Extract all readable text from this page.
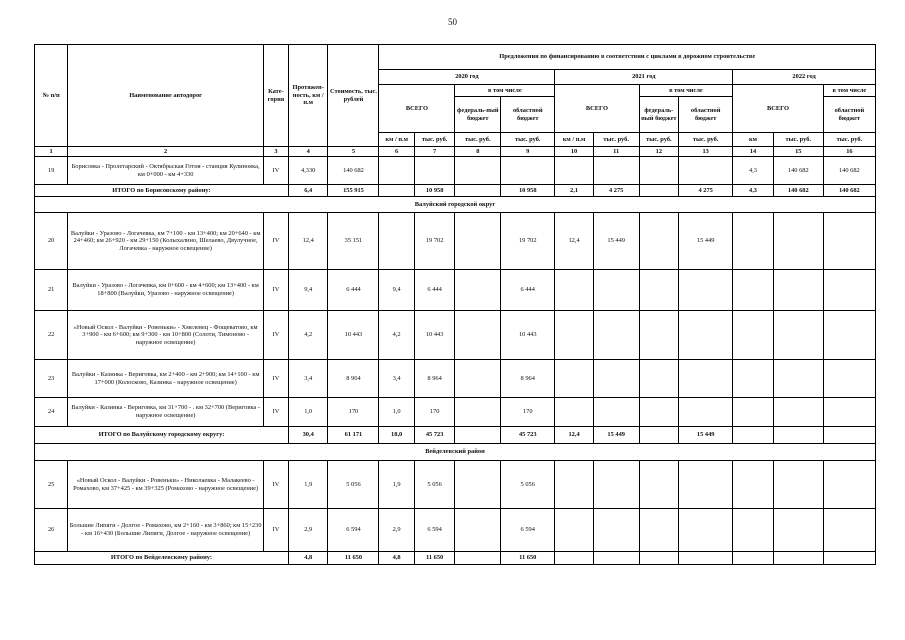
50
№ п/п	Наименование автодорог	Кате-гория	Протяжен-ность, км / п.м	Стоимость, тыс. рублей	Предложения по финансированию в соответствии с циклами в дорожном строительстве										
					2020 год				2021 год				2022 год		
					ВСЕГО		в том числе		ВСЕГО		в том числе		ВСЕГО		в том числе
							федераль-ный бюджет	областной бюджет			федераль-ный бюджет	областной бюджет			областной бюджет
					км / п.м	тыс. руб.	тыс. руб.	тыс. руб.	км / п.м	тыс. руб.	тыс. руб.	тыс. руб.	км	тыс. руб.	тыс. руб.
1	2	3	4	5	6	7	8	9	10	11	12	13	14	15	16
19	Борисовка - Пролетарский - Октябрьская Готня - станция Кулиновка, км 0+000 - км 4+330	IV	4,330	140 682									4,3	140 682	140 682
ИТОГО по Борисовскому району:			6,4	155 915		10 958		10 958	2,1	4 275		4 275	4,3	140 682	140 682
Валуйский городской округ															
20	Валуйки - Уразово - Логачевка, км 7+100 - км 13+400; км 20+640 - км 24+460; км 26+920 - км 29+150 (Колыхалино, Шелаево, Двулучное, Логачевка - наружное освещение)	IV	12,4	35 151		19 702		19 702	12,4	15 449		15 449			
21	Валуйки - Уразово - Логачевка, км 0+600 - км 4+600; км 13+400 - км 18+800 (Валуйки, Уразово - наружное освещение)	IV	9,4	6 444	9,4	6 444		6 444							
22	«Новый Оскол - Валуйки - Ровеньки» - Хмелевец - Фощеватово, км 3+900 - км 6+600; км 9+300 - км 10+800 (Солоти, Тимоново - наружное освещение)	IV	4,2	10 443	4,2	10 443		10 443							
23	Валуйки - Казинка - Вериговка, км 2+400 - км 2+900; км 14+100 - км 17+000 (Колосково, Казинка - наружное освещение)	IV	3,4	8 964	3,4	8 964		8 964							
24	Валуйки - Казинка - Вериговка, км 31+700 - . км 32+700 (Вериговка - наружное освещение)	IV	1,0	170	1,0	170		170							
ИТОГО по Валуйскому городскому округу:			30,4	61 171	18,0	45 723		45 723	12,4	15 449		15 449			
Вейделевский район															
25	«Новый Оскол - Валуйки - Ровеньки» - Николаевка - Малакеево - Ромахово, км 37+425 - км 39+325 (Ромахово - наружное освещение)	IV	1,9	5 056	1,9	5 056		5 056							
26	Большие Липяги - Долгое - Ромахово, км 2+160 - км 3+860; км 15+230 - км 16+430 (Большие Липяги, Долгое - наружное освещение)	IV	2,9	6 594	2,9	6 594		6 594							
ИТОГО по Вейделевскому району:			4,8	11 650	4,8	11 650		11 650							
